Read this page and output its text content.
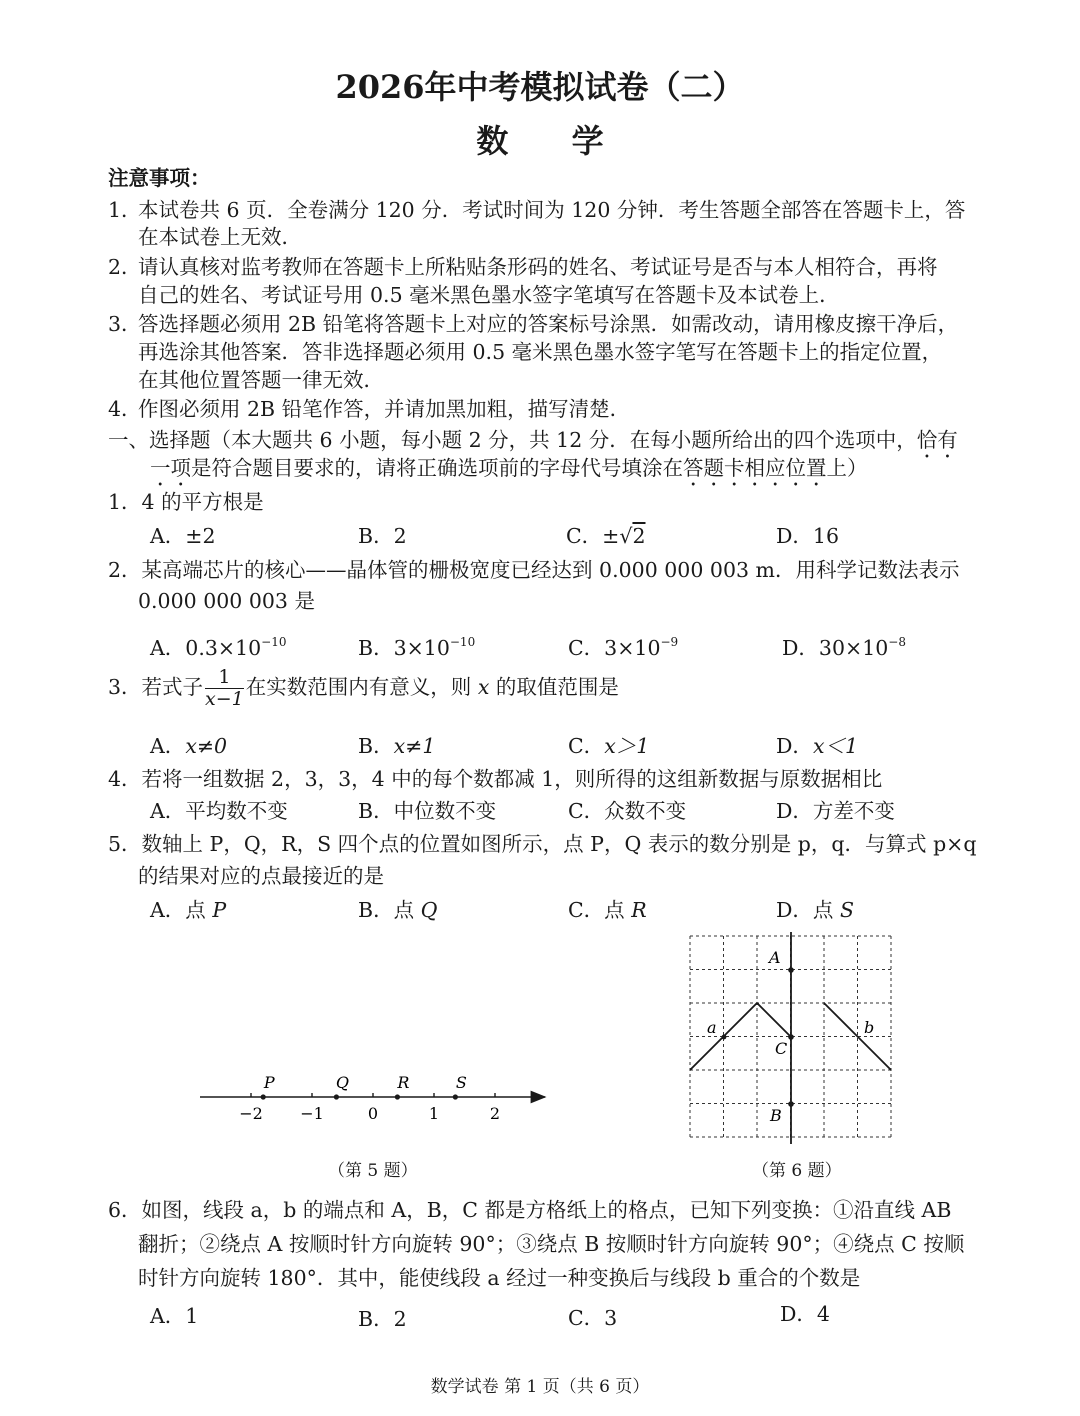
2026年中考模拟试卷（二）
数 学
注意事项：
1．
本试卷共 6 页．全卷满分 120 分．考试时间为 120 分钟．考生答题全部答在答题卡上，答
在本试卷上无效．
2．
请认真核对监考教师在答题卡上所粘贴条形码的姓名、考试证号是否与本人相符合，再将
自己的姓名、考试证号用 0.5 毫米黑色墨水签字笔填写在答题卡及本试卷上．
3．
答选择题必须用 2B 铅笔将答题卡上对应的答案标号涂黑．如需改动，请用橡皮擦干净后，
再选涂其他答案．答非选择题必须用 0.5 毫米黑色墨水签字笔写在答题卡上的指定位置，
在其他位置答题一律无效．
4．
作图必须用 2B 铅笔作答，并请加黑加粗，描写清楚．
一、选择题（本大题共 6 小题，每小题 2 分，共 12 分．在每小题所给出的四个选项中，恰有
一项是符合题目要求的，请将正确选项前的字母代号填涂在答题卡相应位置上）
1．4 的平方根是
A．±2	B．2	C．±√2	D．16
2．某高端芯片的核心——晶体管的栅极宽度已经达到 0.000 000 003 m．用科学记数法表示
0.000 000 003 是
A．$0.3\times 10^{-10}$	B．$3\times 10^{-10}$	C．$3\times 10^{-9}$	D．$30\times 10^{-8}$
3．若式子 $\frac{1}{x-1}$ 在实数范围内有意义，则 x 的取值范围是
A．x≠0	B．x≠1	C．x＞1	D．x＜1
4．若将一组数据 2，3，3，4 中的每个数都减 1，则所得的这组新数据与原数据相比
A．平均数不变	B．中位数不变	C．众数不变	D．方差不变
5．数轴上 P，Q，R，S 四个点的位置如图所示，点 P，Q 表示的数分别是 p，q．与算式 p×q
的结果对应的点最接近的是
A．点 P	B．点 Q	C．点 R	D．点 S
−2 −1	0	1	2
P	Q	R	S
（第 5 题）
A
C
B
a	b
（第 6 题）
6．如图，线段 a，b 的端点和 A，B，C 都是方格纸上的格点，已知下列变换：①沿直线 AB
翻折；②绕点 A 按顺时针方向旋转 90°；③绕点 B 按顺时针方向旋转 90°；④绕点 C 按顺
时针方向旋转 180°．其中，能使线段 a 经过一种变换后与线段 b 重合的个数是
A．1	B．2	C．3	D．4
数学试卷 第 1 页（共 6 页）
